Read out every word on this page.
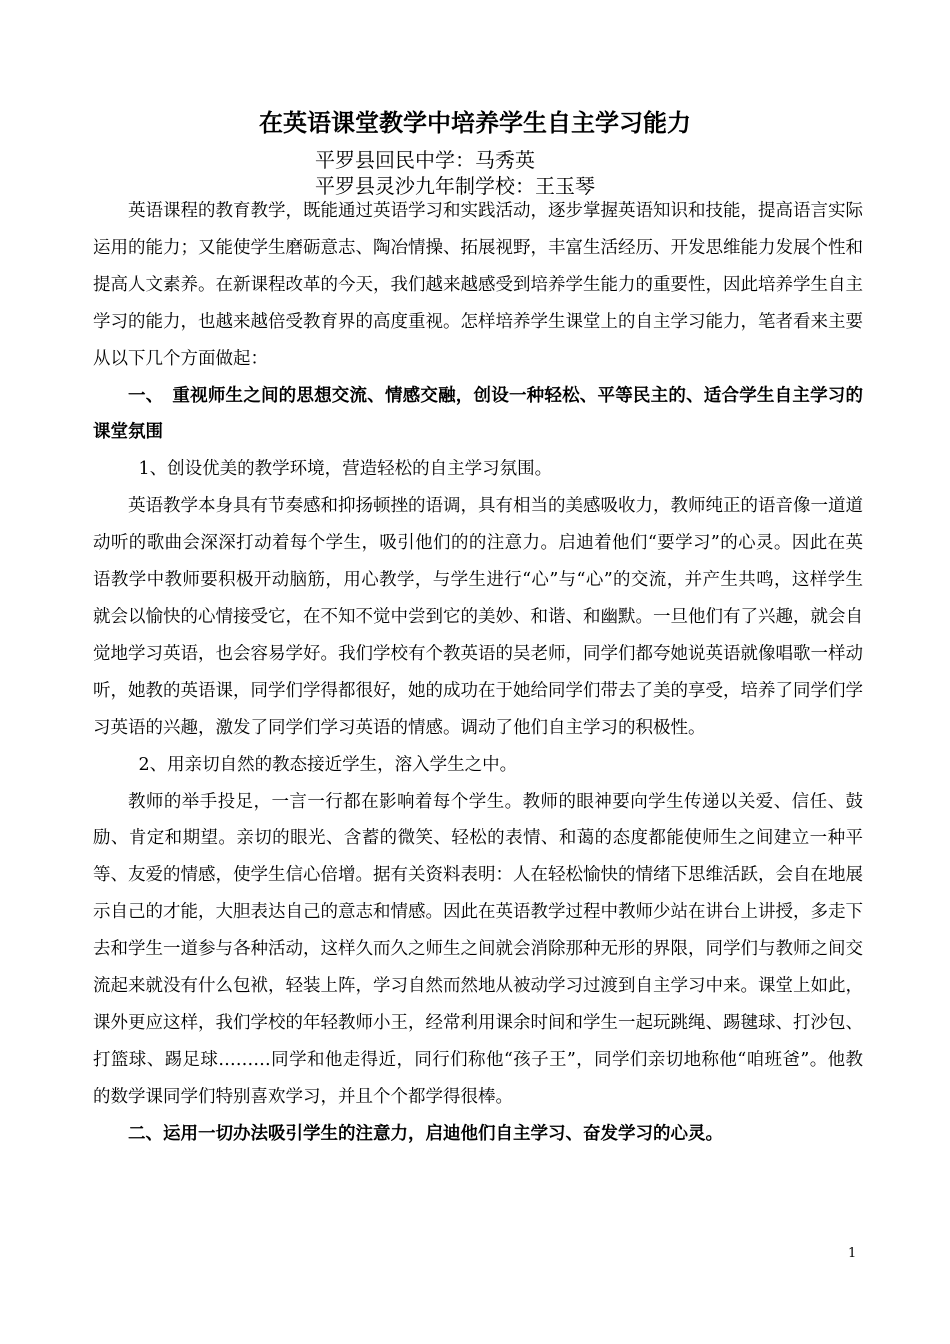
在英语课堂教学中培养学生自主学习能力
平罗县回民中学：马秀英
平罗县灵沙九年制学校：王玉琴

英语课程的教育教学，既能通过英语学习和实践活动，逐步掌握英语知识和技能，提高语言实际运用的能力；又能使学生磨砺意志、陶冶情操、拓展视野，丰富生活经历、开发思维能力发展个性和提高人文素养。在新课程改革的今天，我们越来越感受到培养学生能力的重要性，因此培养学生自主学习的能力，也越来越倍受教育界的高度重视。怎样培养学生课堂上的自主学习能力，笔者看来主要从以下几个方面做起：

一、　重视师生之间的思想交流、情感交融，创设一种轻松、平等民主的、适合学生自主学习的课堂氛围

1、创设优美的教学环境，营造轻松的自主学习氛围。

英语教学本身具有节奏感和抑扬顿挫的语调，具有相当的美感吸收力，教师纯正的语音像一道道动听的歌曲会深深打动着每个学生，吸引他们的的注意力。启迪着他们“要学习”的心灵。因此在英语教学中教师要积极开动脑筋，用心教学，与学生进行“心”与“心”的交流，并产生共鸣，这样学生就会以愉快的心情接受它，在不知不觉中尝到它的美妙、和谐、和幽默。一旦他们有了兴趣，就会自觉地学习英语，也会容易学好。我们学校有个教英语的吴老师，同学们都夸她说英语就像唱歌一样动听，她教的英语课，同学们学得都很好，她的成功在于她给同学们带去了美的享受，培养了同学们学习英语的兴趣，激发了同学们学习英语的情感。调动了他们自主学习的积极性。

2、用亲切自然的教态接近学生，溶入学生之中。

教师的举手投足，一言一行都在影响着每个学生。教师的眼神要向学生传递以关爱、信任、鼓励、肯定和期望。亲切的眼光、含蓄的微笑、轻松的表情、和蔼的态度都能使师生之间建立一种平等、友爱的情感，使学生信心倍增。据有关资料表明：人在轻松愉快的情绪下思维活跃，会自在地展示自己的才能，大胆表达自己的意志和情感。因此在英语教学过程中教师少站在讲台上讲授，多走下去和学生一道参与各种活动，这样久而久之师生之间就会消除那种无形的界限，同学们与教师之间交流起来就没有什么包袱，轻装上阵，学习自然而然地从被动学习过渡到自主学习中来。课堂上如此，课外更应这样，我们学校的年轻教师小王，经常利用课余时间和学生一起玩跳绳、踢毽球、打沙包、打篮球、踢足球………同学和他走得近，同行们称他“孩子王”，同学们亲切地称他“咱班爸”。他教的数学课同学们特别喜欢学习，并且个个都学得很棒。

二、运用一切办法吸引学生的注意力，启迪他们自主学习、奋发学习的心灵。

1
